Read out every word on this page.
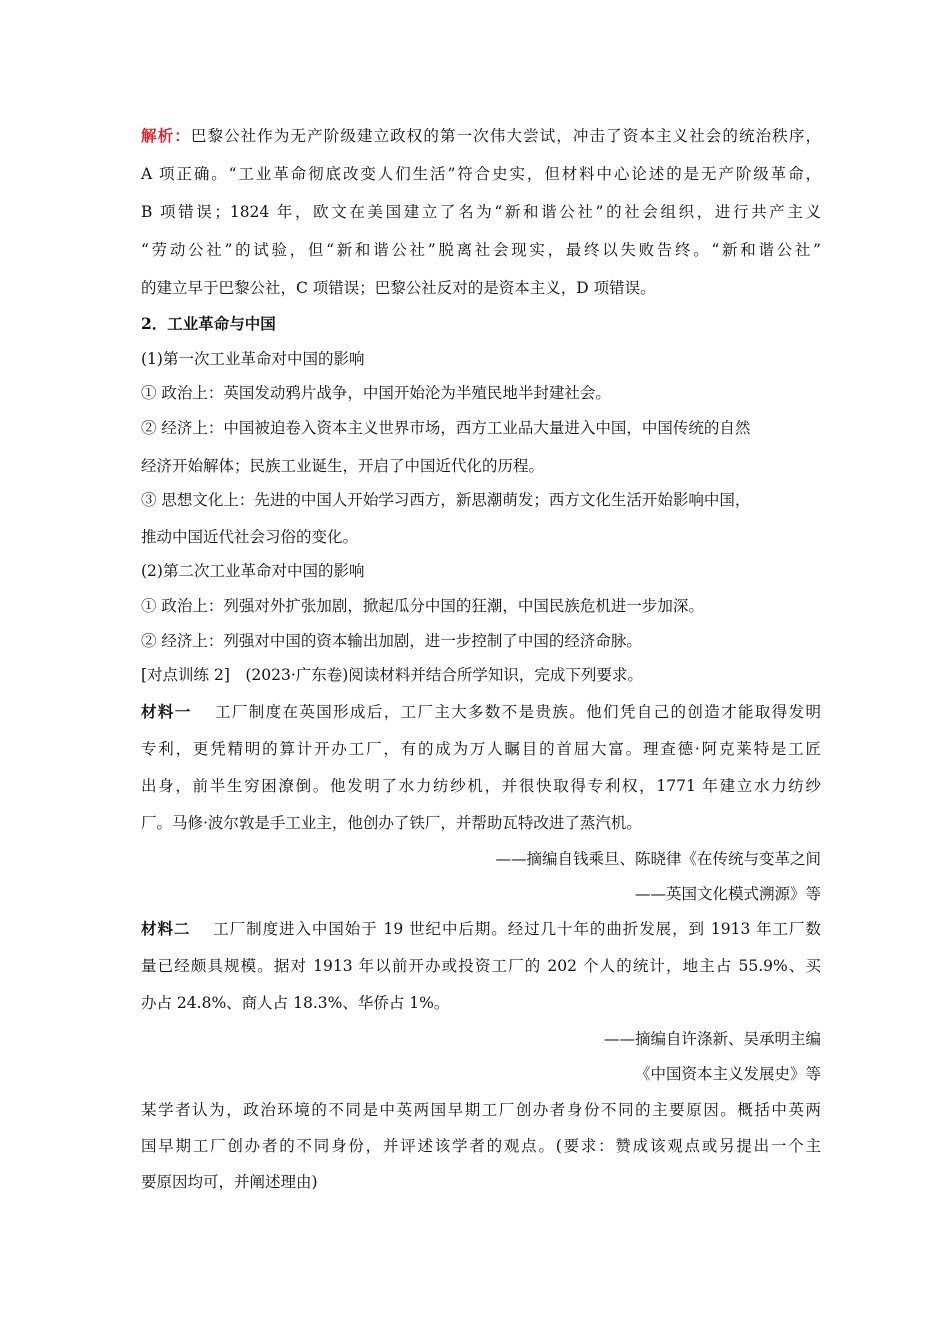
解析：巴黎公社作为无产阶级建立政权的第一次伟大尝试，冲击了资本主义社会的统治秩序，
A 项正确。“工业革命彻底改变人们生活”符合史实，但材料中心论述的是无产阶级革命，
B 项错误；1824 年，欧文在美国建立了名为“新和谐公社”的社会组织，进行共产主义
“劳动公社”的试验，但“新和谐公社”脱离社会现实，最终以失败告终。“新和谐公社”
的建立早于巴黎公社，C 项错误；巴黎公社反对的是资本主义，D 项错误。
2．工业革命与中国
(1)第一次工业革命对中国的影响
① 政治上：英国发动鸦片战争，中国开始沦为半殖民地半封建社会。
② 经济上：中国被迫卷入资本主义世界市场，西方工业品大量进入中国，中国传统的自然
经济开始解体；民族工业诞生，开启了中国近代化的历程。
③ 思想文化上：先进的中国人开始学习西方，新思潮萌发；西方文化生活开始影响中国，
推动中国近代社会习俗的变化。
(2)第二次工业革命对中国的影响
① 政治上：列强对外扩张加剧，掀起瓜分中国的狂潮，中国民族危机进一步加深。
② 经济上：列强对中国的资本输出加剧，进一步控制了中国的经济命脉。
[对点训练 2]　(2023·广东卷)阅读材料并结合所学知识，完成下列要求。
材料一 工厂制度在英国形成后，工厂主大多数不是贵族。他们凭自己的创造才能取得发明
专利，更凭精明的算计开办工厂，有的成为万人瞩目的首屈大富。理查德·阿克莱特是工匠
出身，前半生穷困潦倒。他发明了水力纺纱机，并很快取得专利权，1771 年建立水力纺纱
厂。马修·波尔敦是手工业主，他创办了铁厂，并帮助瓦特改进了蒸汽机。
——摘编自钱乘旦、陈晓律《在传统与变革之间
——英国文化模式溯源》等
材料二 工厂制度进入中国始于 19 世纪中后期。经过几十年的曲折发展，到 1913 年工厂数
量已经颇具规模。据对 1913 年以前开办或投资工厂的 202 个人的统计，地主占 55.9%、买
办占 24.8%、商人占 18.3%、华侨占 1%。
——摘编自许涤新、吴承明主编
《中国资本主义发展史》等
某学者认为，政治环境的不同是中英两国早期工厂创办者身份不同的主要原因。概括中英两
国早期工厂创办者的不同身份，并评述该学者的观点。(要求：赞成该观点或另提出一个主
要原因均可，并阐述理由)
